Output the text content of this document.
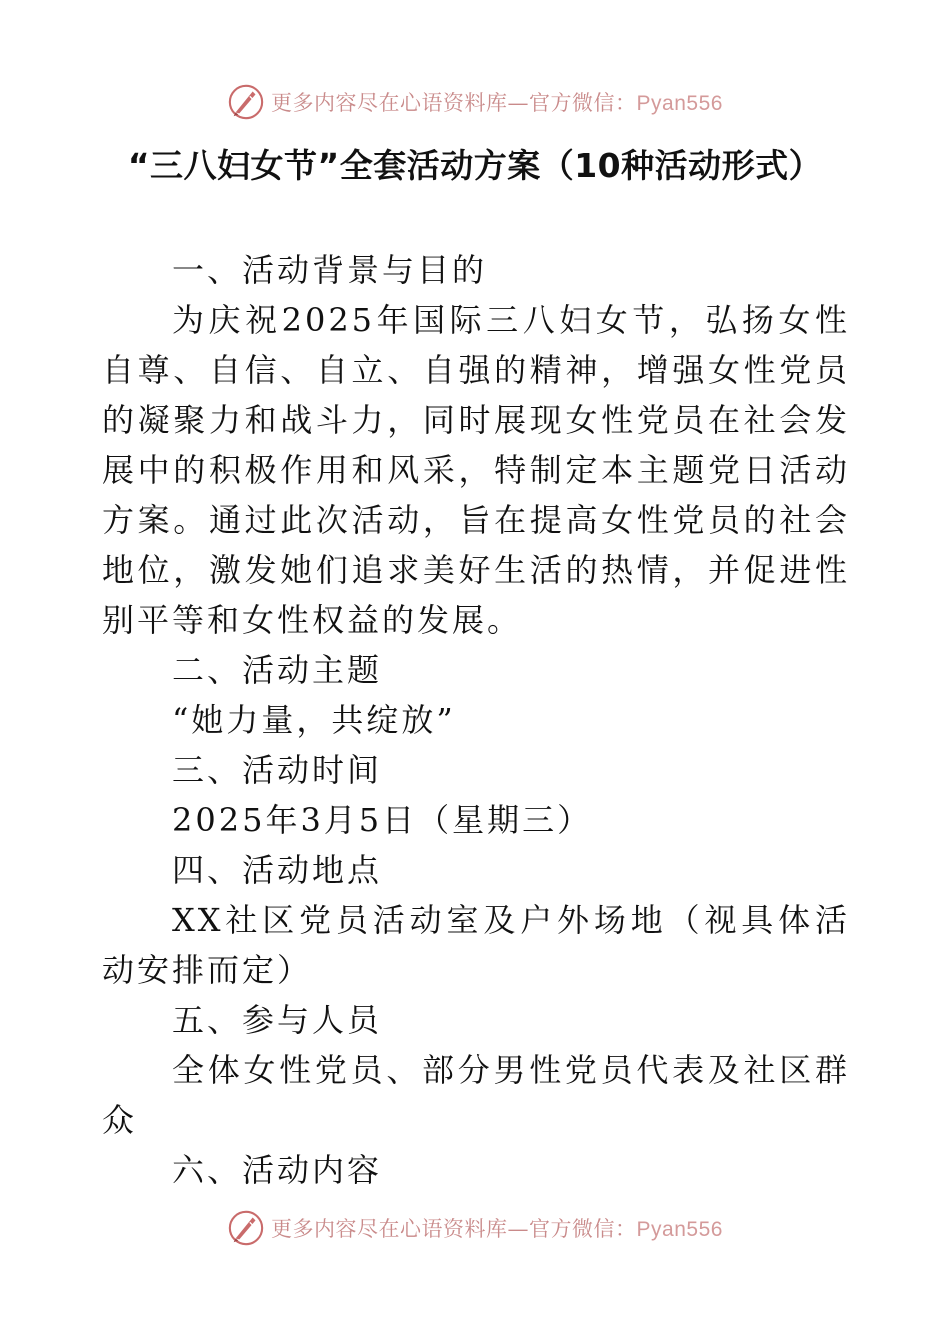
更多内容尽在心语资料库—官方微信：Pyan556
“三八妇女节”全套活动方案（10种活动形式）

一、活动背景与目的

为庆祝2025年国际三八妇女节，弘扬女性自尊、自信、自立、自强的精神，增强女性党员的凝聚力和战斗力，同时展现女性党员在社会发展中的积极作用和风采，特制定本主题党日活动方案。通过此次活动，旨在提高女性党员的社会地位，激发她们追求美好生活的热情，并促进性别平等和女性权益的发展。

二、活动主题

“她力量，共绽放”

三、活动时间

2025年3月5日（星期三）

四、活动地点

XX社区党员活动室及户外场地（视具体活动安排而定）

五、参与人员

全体女性党员、部分男性党员代表及社区群众

六、活动内容

更多内容尽在心语资料库—官方微信：Pyan556
